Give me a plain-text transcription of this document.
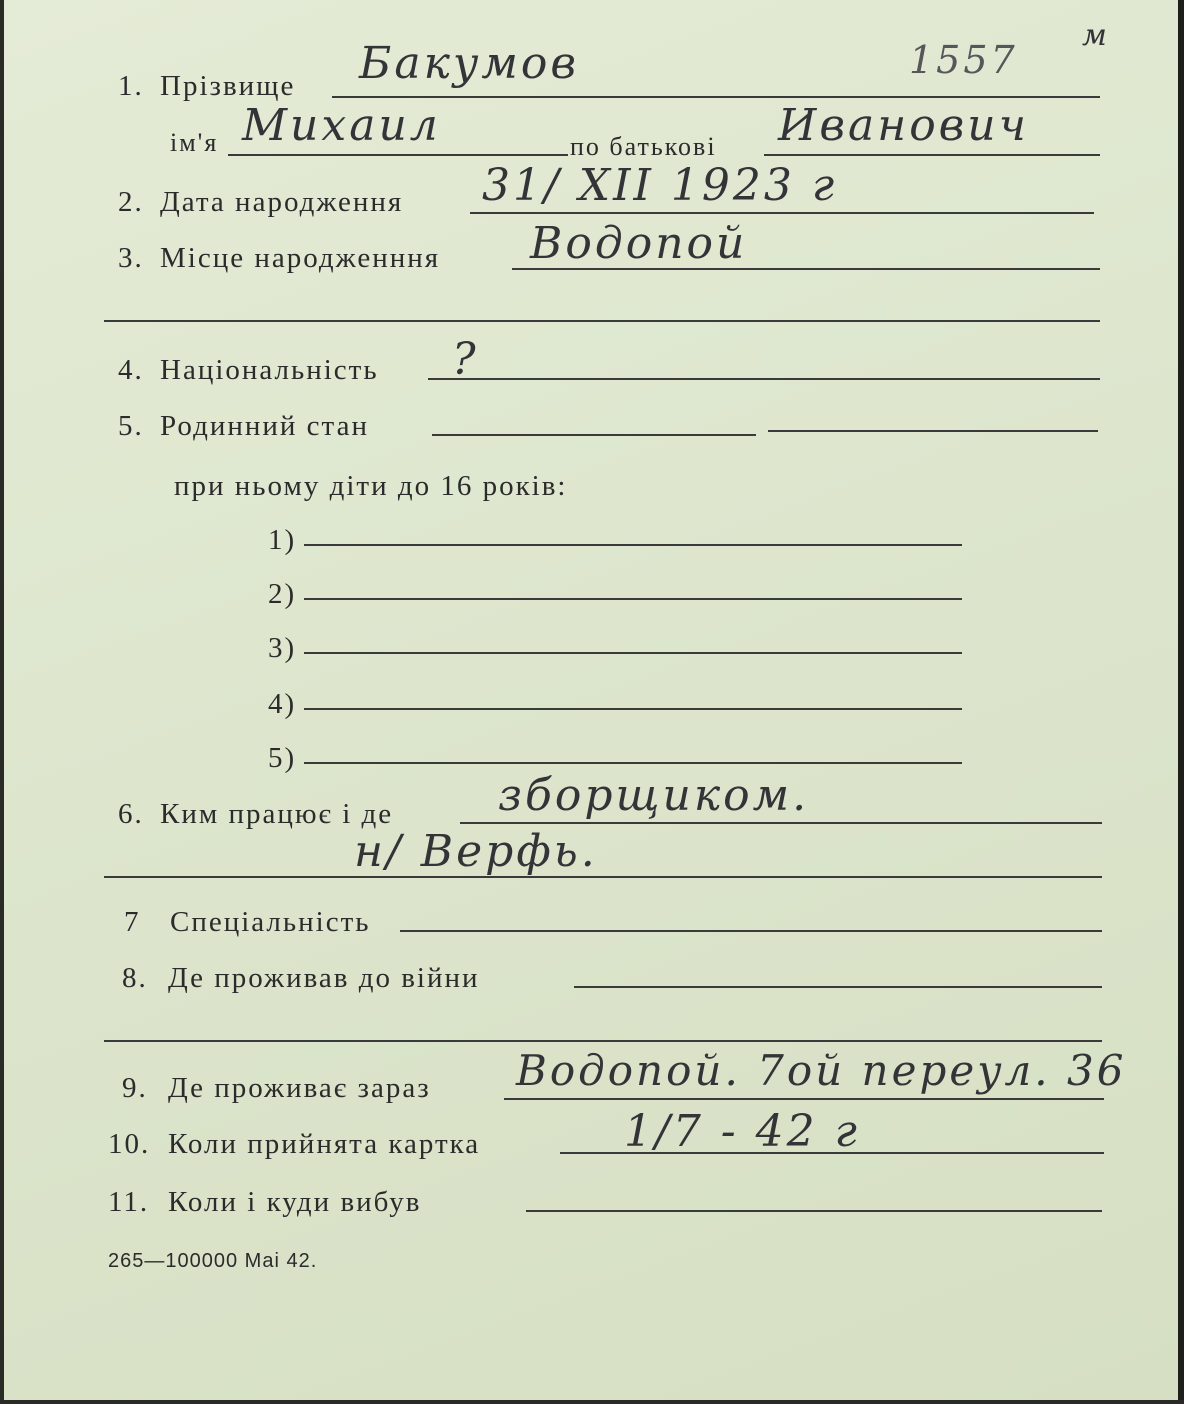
1. Прізвище Бакумов	1557
м
ім'я Михаил	по батькові Иванович
2. Дата народження 31/ XII 1923 г
3. Місце народженння Водопой
4. Національність ?
5. Родинний стан
при ньому діти до 16 років:
1)
2)
3)
4)
5)
6. Ким працює і де зборщиком.
н/ Верфь.
7 Спеціальність
8. Де проживав до війни
9. Де проживає зараз Водопой. 7ой переул. 36
10. Коли прийнята картка	1/7 - 42 г
11. Коли і куди вибув
265—100000 Mai 42.
